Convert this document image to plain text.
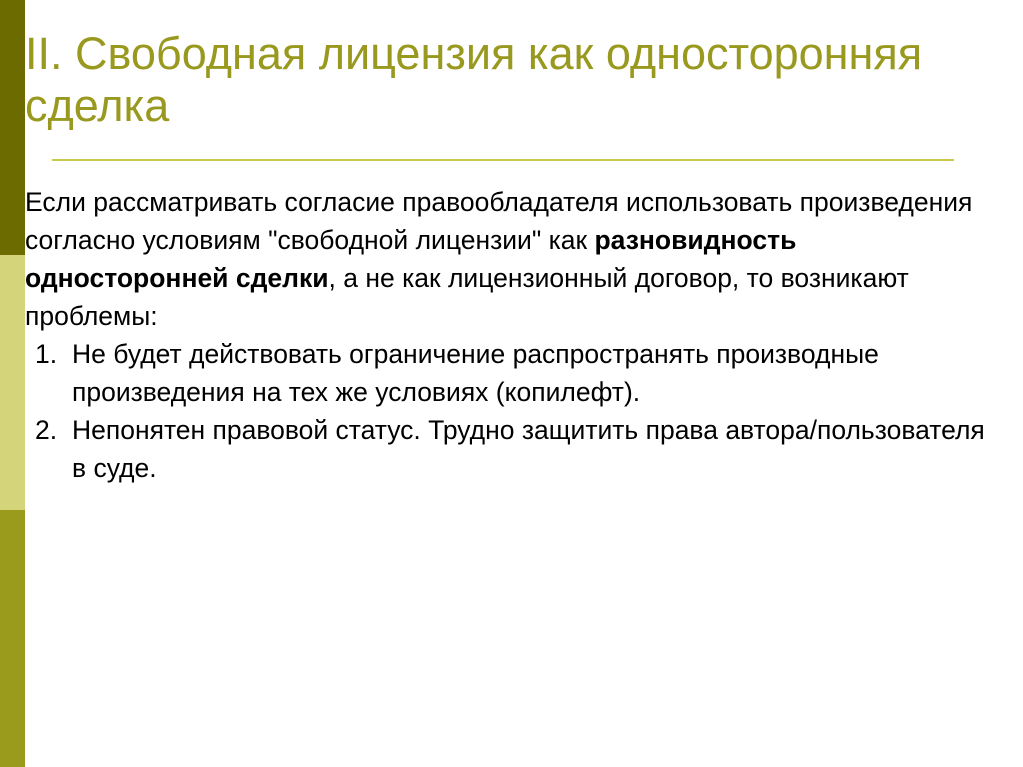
II. Свободная лицензия как односторонняя сделка

Если рассматривать согласие правообладателя использовать произведения согласно условиям "свободной лицензии" как разновидность односторонней сделки, а не как лицензионный договор, то возникают проблемы:

1. Не будет действовать ограничение распространять производные произведения на тех же условиях (копилефт).
2. Непонятен правовой статус. Трудно защитить права автора/пользователя в суде.
